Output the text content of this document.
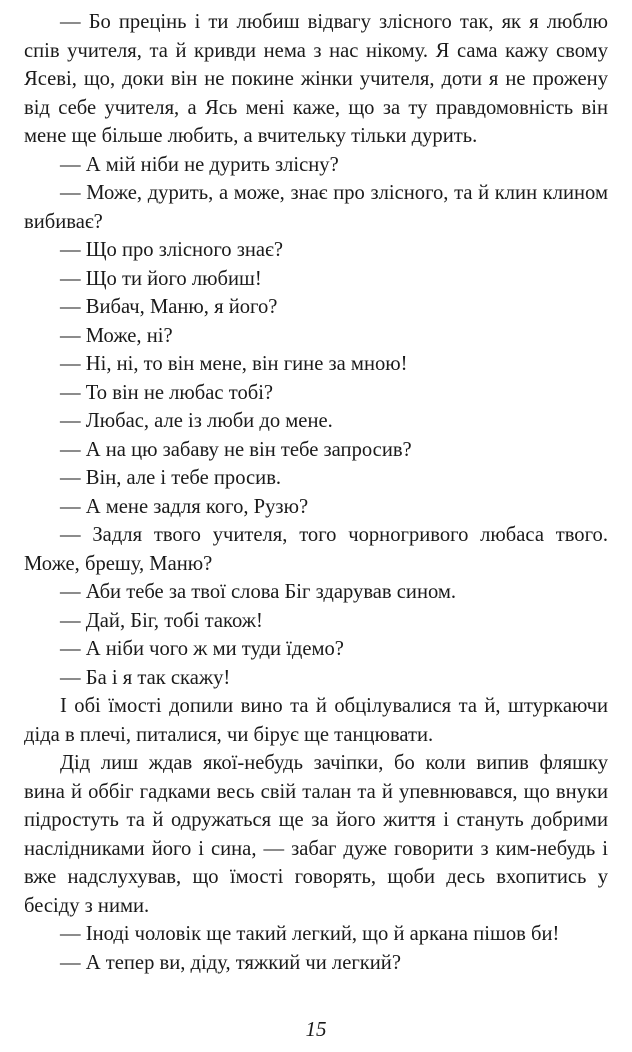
— Бо прецінь і ти любиш відвагу злісного так, як я люблю спів учителя, та й кривди нема з нас нікому. Я сама кажу свому Ясеві, що, доки він не покине жінки учителя, доти я не прожену від себе учителя, а Ясь мені каже, що за ту правдомовність він мене ще більше любить, а вчительку тільки дурить.

— А мій ніби не дурить злісну?

— Може, дурить, а може, знає про злісного, та й клин клином вибиває?

— Що про злісного знає?

— Що ти його любиш!

— Вибач, Маню, я його?

— Може, ні?

— Ні, ні, то він мене, він гине за мною!

— То він не любас тобі?

— Любас, але із люби до мене.

— А на цю забаву не він тебе запросив?

— Він, але і тебе просив.

— А мене задля кого, Рузю?

— Задля твого учителя, того чорногривого любаса твого. Може, брешу, Маню?

— Аби тебе за твої слова Біг здарував сином.

— Дай, Біг, тобі також!

— А ніби чого ж ми туди їдемо?

— Ба і я так скажу!

І обі їмості допили вино та й обцілувалися та й, штуркаючи діда в плечі, питалися, чи бірує ще танцювати.

Дід лиш ждав якої-небудь зачіпки, бо коли випив фляшку вина й оббіг гадками весь свій талан та й упевнювався, що внуки підростуть та й одружаться ще за його життя і стануть добрими наслідниками його і сина, — забаг дуже говорити з ким-небудь і вже надслухував, що їмості говорять, щоби десь вхопитись у бесіду з ними.

— Іноді чоловік ще такий легкий, що й аркана пішов би!

— А тепер ви, діду, тяжкий чи легкий?

15
